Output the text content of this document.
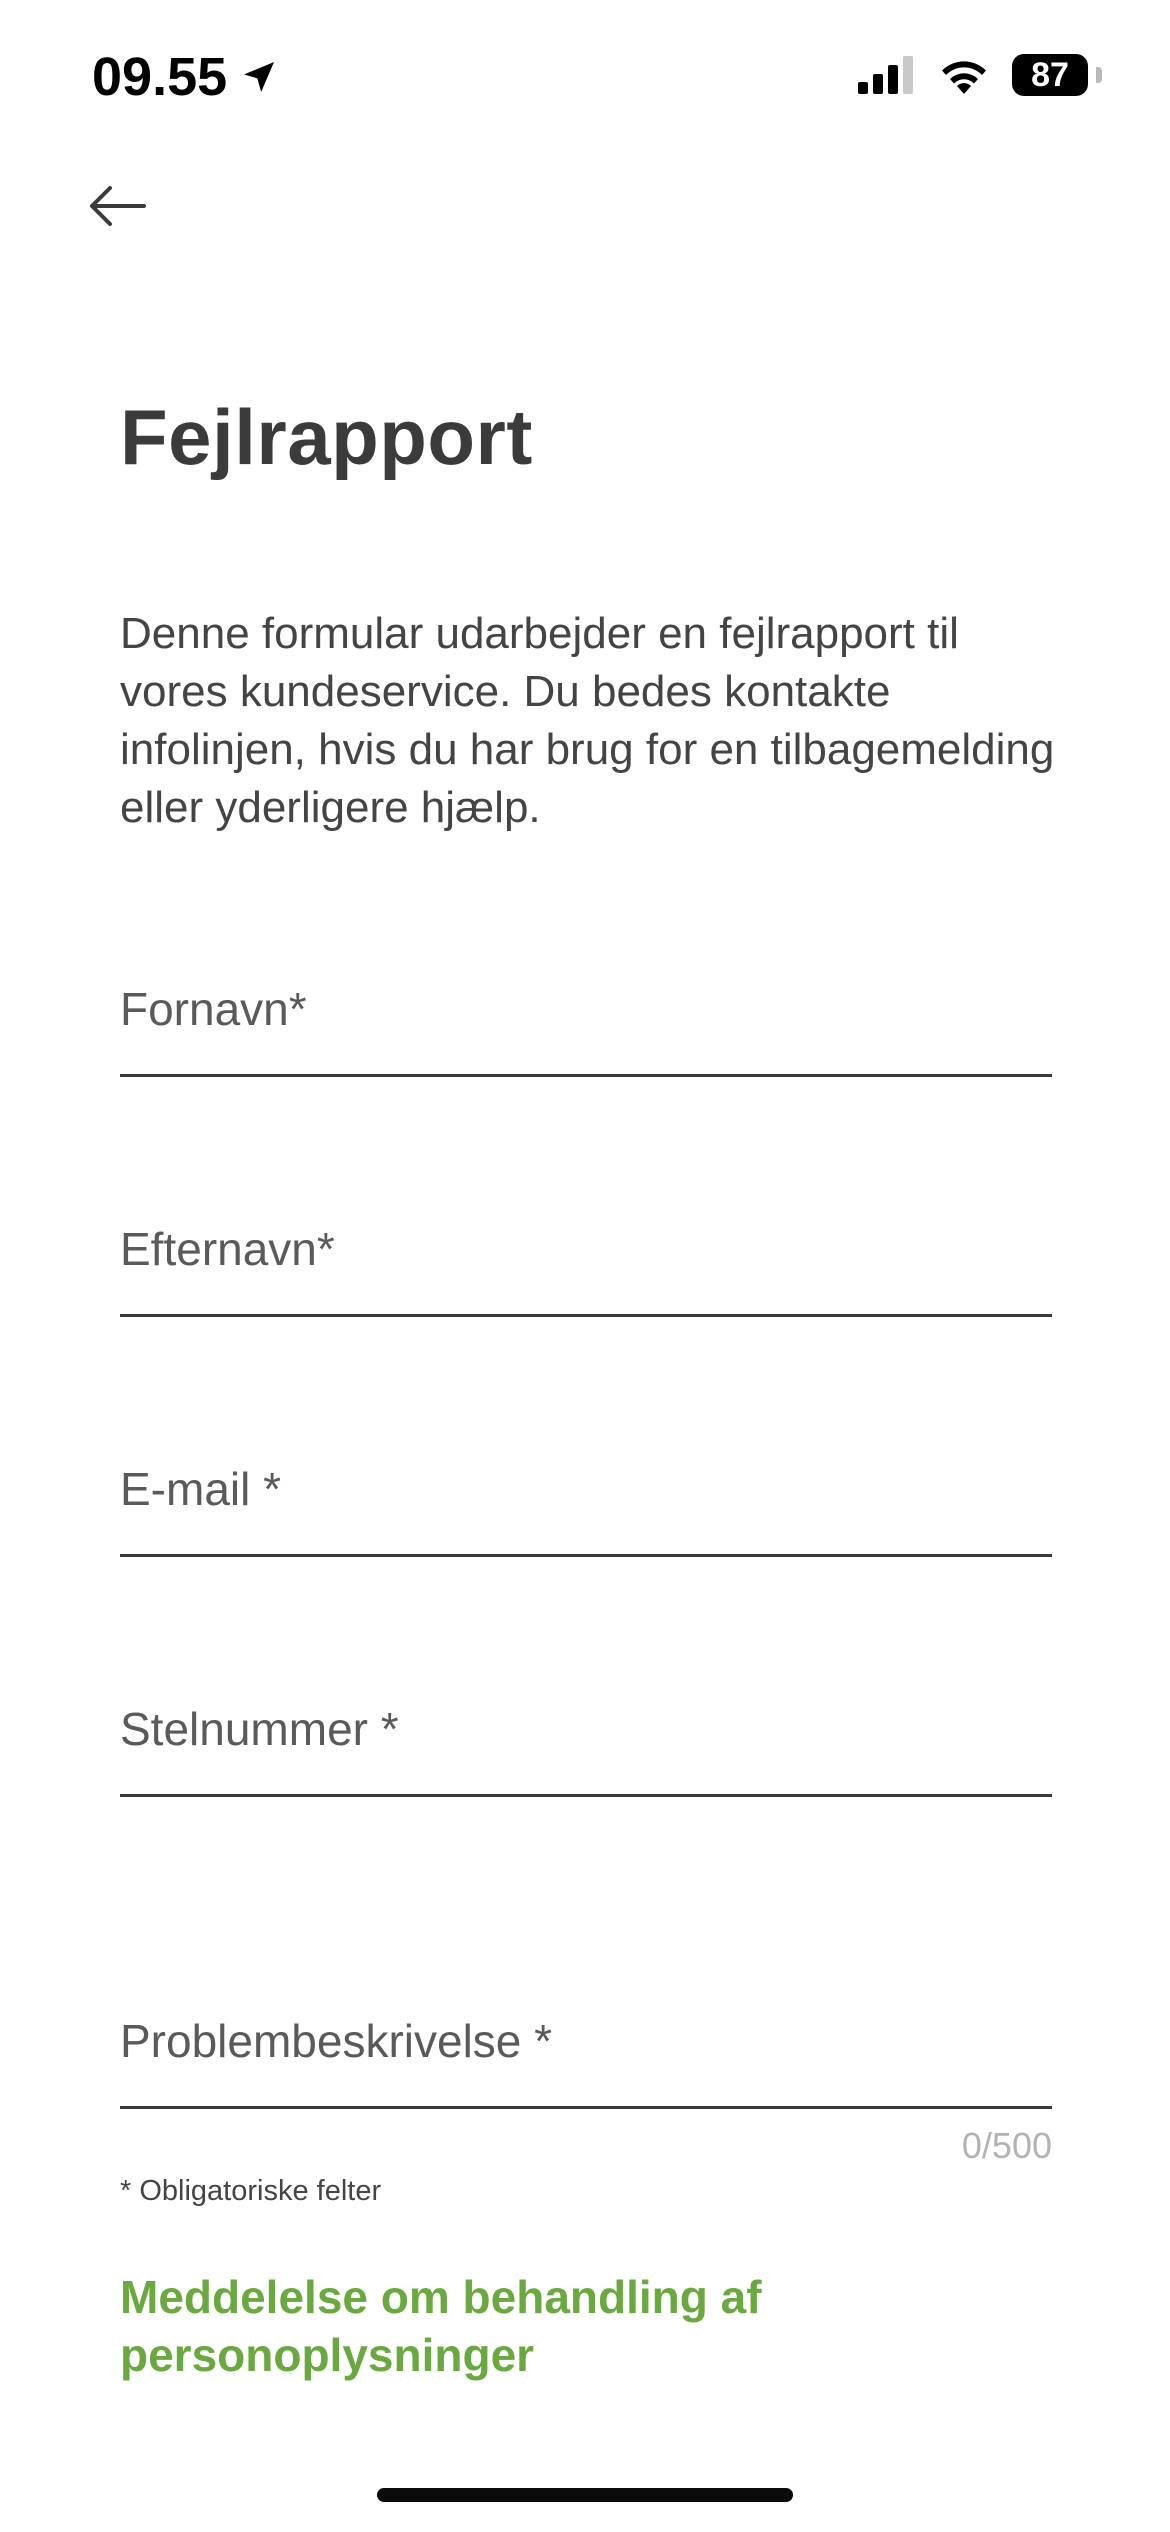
09.55	87
Fejlrapport

Denne formular udarbejder en fejlrapport til vores kundeservice. Du bedes kontakte infolinjen, hvis du har brug for en tilbagemelding eller yderligere hjælp.

Fornavn*
Efternavn*
E-mail *
Stelnummer *
Problembeskrivelse *
0/500
* Obligatoriske felter
Meddelelse om behandling af personoplysninger
